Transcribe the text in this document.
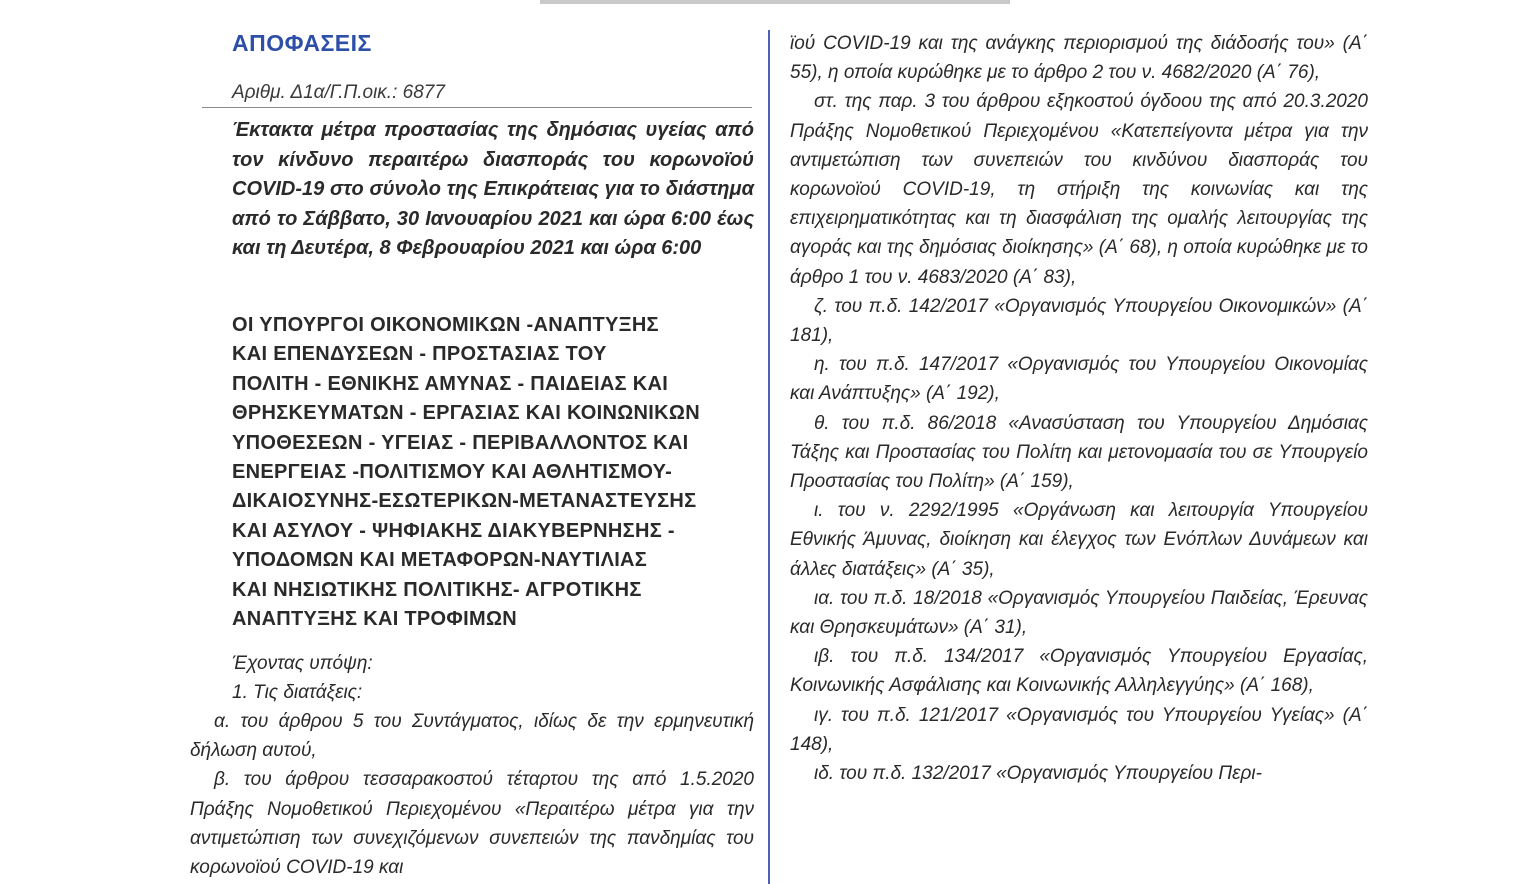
ΑΠΟΦΑΣΕΙΣ

Αριθμ. Δ1α/Γ.Π.οικ.: 6877

Έκτακτα μέτρα προστασίας της δημόσιας υγείας από τον κίνδυνο περαιτέρω διασποράς του κορωνοϊού COVID-19 στο σύνολο της Επικράτειας για το διάστημα από το Σάββατο, 30 Ιανουαρίου 2021 και ώρα 6:00 έως και τη Δευτέρα, 8 Φεβρουαρίου 2021 και ώρα 6:00

ΟΙ ΥΠΟΥΡΓΟΙ ΟΙΚΟΝΟΜΙΚΩΝ -ΑΝΑΠΤΥΞΗΣ
ΚΑΙ ΕΠΕΝΔΥΣΕΩΝ - ΠΡΟΣΤΑΣΙΑΣ ΤΟΥ
ΠΟΛΙΤΗ - ΕΘΝΙΚΗΣ ΑΜΥΝΑΣ - ΠΑΙΔΕΙΑΣ ΚΑΙ
ΘΡΗΣΚΕΥΜΑΤΩΝ - ΕΡΓΑΣΙΑΣ ΚΑΙ ΚΟΙΝΩΝΙΚΩΝ
ΥΠΟΘΕΣΕΩΝ - ΥΓΕΙΑΣ - ΠΕΡΙΒΑΛΛΟΝΤΟΣ ΚΑΙ
ΕΝΕΡΓΕΙΑΣ -ΠΟΛΙΤΙΣΜΟΥ ΚΑΙ ΑΘΛΗΤΙΣΜΟΥ-
ΔΙΚΑΙΟΣΥΝΗΣ-ΕΣΩΤΕΡΙΚΩΝ-ΜΕΤΑΝΑΣΤΕΥΣΗΣ
ΚΑΙ ΑΣΥΛΟΥ - ΨΗΦΙΑΚΗΣ ΔΙΑΚΥΒΕΡΝΗΣΗΣ -
ΥΠΟΔΟΜΩΝ ΚΑΙ ΜΕΤΑΦΟΡΩΝ-ΝΑΥΤΙΛΙΑΣ
ΚΑΙ ΝΗΣΙΩΤΙΚΗΣ ΠΟΛΙΤΙΚΗΣ- ΑΓΡΟΤΙΚΗΣ
ΑΝΑΠΤΥΞΗΣ ΚΑΙ ΤΡΟΦΙΜΩΝ

Έχοντας υπόψη:

1. Τις διατάξεις:

α. του άρθρου 5 του Συντάγματος, ιδίως δε την ερμηνευτική δήλωση αυτού,

β. του άρθρου τεσσαρακοστού τέταρτου της από 1.5.2020 Πράξης Νομοθετικού Περιεχομένου «Περαιτέρω μέτρα για την αντιμετώπιση των συνεχιζόμενων συνεπειών της πανδημίας του κορωνοϊού COVID-19 και

ϊού COVID-19 και της ανάγκης περιορισμού της διάδοσής του» (Α΄ 55), η οποία κυρώθηκε με το άρθρο 2 του ν. 4682/2020 (Α΄ 76),

στ. της παρ. 3 του άρθρου εξηκοστού όγδοου της από 20.3.2020 Πράξης Νομοθετικού Περιεχομένου «Κατεπείγοντα μέτρα για την αντιμετώπιση των συνεπειών του κινδύνου διασποράς του κορωνοϊού COVID-19, τη στήριξη της κοινωνίας και της επιχειρηματικότητας και τη διασφάλιση της ομαλής λειτουργίας της αγοράς και της δημόσιας διοίκησης» (Α΄ 68), η οποία κυρώθηκε με το άρθρο 1 του ν. 4683/2020 (Α΄ 83),

ζ. του π.δ. 142/2017 «Οργανισμός Υπουργείου Οικονομικών» (Α΄ 181),

η. του π.δ. 147/2017 «Οργανισμός του Υπουργείου Οικονομίας και Ανάπτυξης» (Α΄ 192),

θ. του π.δ. 86/2018 «Ανασύσταση του Υπουργείου Δημόσιας Τάξης και Προστασίας του Πολίτη και μετονομασία του σε Υπουργείο Προστασίας του Πολίτη» (Α΄ 159),

ι. του ν. 2292/1995 «Οργάνωση και λειτουργία Υπουργείου Εθνικής Άμυνας, διοίκηση και έλεγχος των Ενόπλων Δυνάμεων και άλλες διατάξεις» (Α΄ 35),

ια. του π.δ. 18/2018 «Οργανισμός Υπουργείου Παιδείας, Έρευνας και Θρησκευμάτων» (Α΄ 31),

ιβ. του π.δ. 134/2017 «Οργανισμός Υπουργείου Εργασίας, Κοινωνικής Ασφάλισης και Κοινωνικής Αλληλεγγύης» (Α΄ 168),

ιγ. του π.δ. 121/2017 «Οργανισμός του Υπουργείου Υγείας» (Α΄ 148),

ιδ. του π.δ. 132/2017 «Οργανισμός Υπουργείου Περι-
